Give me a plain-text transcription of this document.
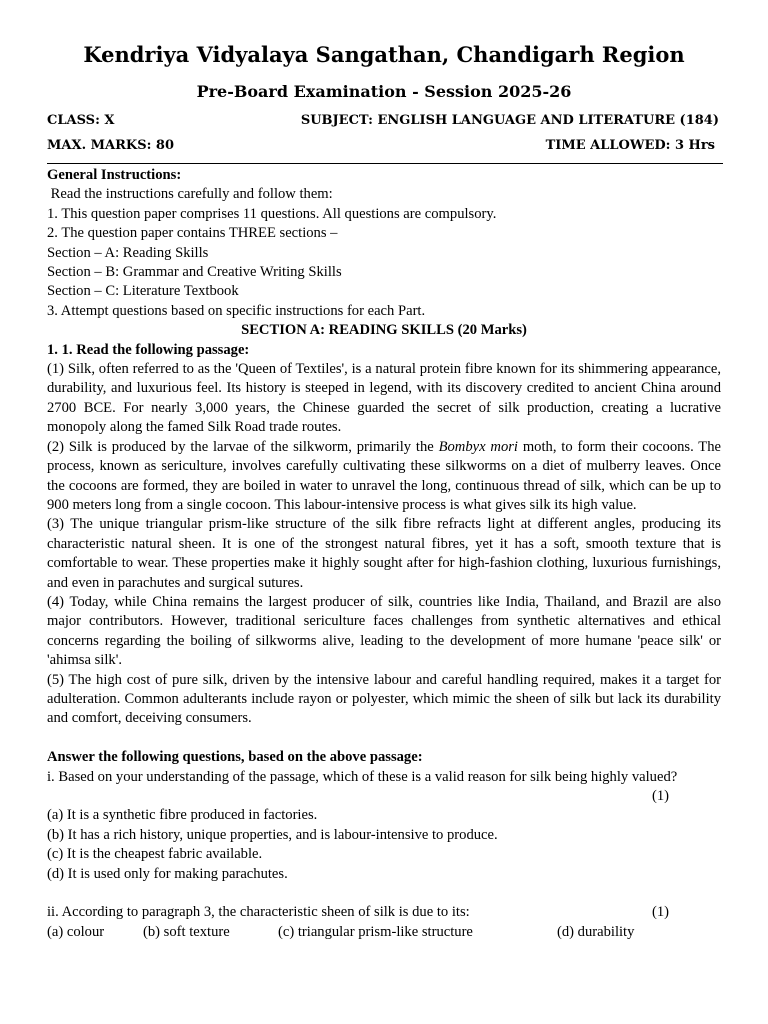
Kendriya Vidyalaya Sangathan, Chandigarh Region
Pre-Board Examination - Session 2025-26
CLASS: X	SUBJECT: ENGLISH LANGUAGE AND LITERATURE (184)
MAX. MARKS: 80	TIME ALLOWED: 3 Hrs
General Instructions:
Read the instructions carefully and follow them:
1. This question paper comprises 11 questions. All questions are compulsory.
2. The question paper contains THREE sections –
Section – A: Reading Skills
Section – B: Grammar and Creative Writing Skills
Section – C: Literature Textbook
3. Attempt questions based on specific instructions for each Part.
SECTION A: READING SKILLS (20 Marks)
1. 1. Read the following passage:
(1) Silk, often referred to as the 'Queen of Textiles', is a natural protein fibre known for its shimmering appearance, durability, and luxurious feel. Its history is steeped in legend, with its discovery credited to ancient China around 2700 BCE. For nearly 3,000 years, the Chinese guarded the secret of silk production, creating a lucrative monopoly along the famed Silk Road trade routes.
(2) Silk is produced by the larvae of the silkworm, primarily the Bombyx mori moth, to form their cocoons. The process, known as sericulture, involves carefully cultivating these silkworms on a diet of mulberry leaves. Once the cocoons are formed, they are boiled in water to unravel the long, continuous thread of silk, which can be up to 900 meters long from a single cocoon. This labour-intensive process is what gives silk its high value.
(3) The unique triangular prism-like structure of the silk fibre refracts light at different angles, producing its characteristic natural sheen. It is one of the strongest natural fibres, yet it has a soft, smooth texture that is comfortable to wear. These properties make it highly sought after for high-fashion clothing, luxurious furnishings, and even in parachutes and surgical sutures.
(4) Today, while China remains the largest producer of silk, countries like India, Thailand, and Brazil are also major contributors. However, traditional sericulture faces challenges from synthetic alternatives and ethical concerns regarding the boiling of silkworms alive, leading to the development of more humane 'peace silk' or 'ahimsa silk'.
(5) The high cost of pure silk, driven by the intensive labour and careful handling required, makes it a target for adulteration. Common adulterants include rayon or polyester, which mimic the sheen of silk but lack its durability and comfort, deceiving consumers.
Answer the following questions, based on the above passage:
i. Based on your understanding of the passage, which of these is a valid reason for silk being highly valued?
(1)
(a) It is a synthetic fibre produced in factories.
(b) It has a rich history, unique properties, and is labour-intensive to produce.
(c) It is the cheapest fabric available.
(d) It is used only for making parachutes.
ii. According to paragraph 3, the characteristic sheen of silk is due to its:	(1)
(a) colour	(b) soft texture	(c) triangular prism-like structure	(d) durability
